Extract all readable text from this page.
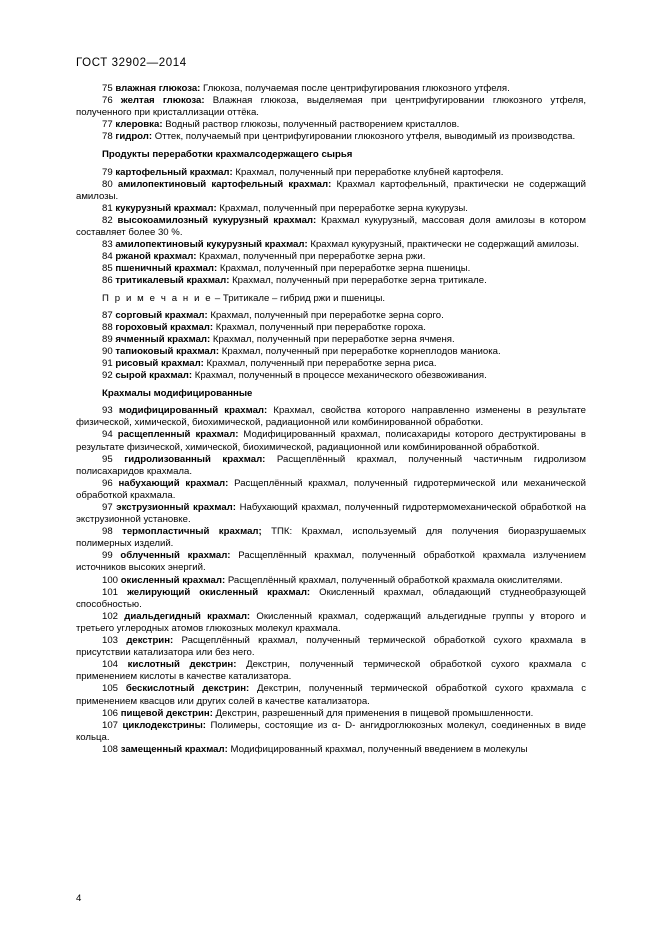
ГОСТ 32902—2014

75 влажная глюкоза: Глюкоза, получаемая после центрифугирования глюкозного утфеля.

76 желтая глюкоза: Влажная глюкоза, выделяемая при центрифугировании глюкозного утфеля, полученного при кристаллизации оттёка.

77 клеровка: Водный раствор глюкозы, полученный растворением кристаллов.

78 гидрол: Оттек, получаемый при центрифугировании глюкозного утфеля, выводимый из производства.

Продукты переработки крахмалсодержащего сырья

79 картофельный крахмал: Крахмал, полученный при переработке клубней картофеля.

80 амилопектиновый картофельный крахмал: Крахмал картофельный, практически не содержащий амилозы.

81 кукурузный крахмал: Крахмал, полученный при переработке зерна кукурузы.

82 высокоамилозный кукурузный крахмал: Крахмал кукурузный, массовая доля амилозы в котором составляет более 30 %.

83 амилопектиновый кукурузный крахмал: Крахмал кукурузный, практически не содержащий амилозы.

84 ржаной крахмал: Крахмал, полученный при переработке зерна ржи.

85 пшеничный крахмал: Крахмал, полученный при переработке зерна пшеницы.

86 тритикалевый крахмал: Крахмал, полученный при переработке зерна тритикале.

П р и м е ч а н и е – Тритикале – гибрид ржи и пшеницы.

87 сорговый крахмал: Крахмал, полученный при переработке зерна сорго.

88 гороховый крахмал: Крахмал, полученный при переработке гороха.

89 ячменный крахмал: Крахмал, полученный при переработке зерна ячменя.

90 тапиоковый крахмал: Крахмал, полученный при переработке корнеплодов маниока.

91 рисовый крахмал: Крахмал, полученный при переработке зерна риса.

92 сырой крахмал: Крахмал, полученный в процессе механического обезвоживания.

Крахмалы модифицированные

93 модифицированный крахмал: Крахмал, свойства которого направленно изменены в результате физической, химической, биохимической, радиационной или комбинированной обработки.

94 расщепленный крахмал: Модифицированный крахмал, полисахариды которого деструктированы в результате физической, химической, биохимической, радиационной или комбинированной обработкой.

95 гидролизованный крахмал: Расщеплённый крахмал, полученный частичным гидролизом полисахаридов крахмала.

96 набухающий крахмал: Расщеплённый крахмал, полученный гидротермической или механической обработкой крахмала.

97 экструзионный крахмал: Набухающий крахмал, полученный гидротермомеханической обработкой на экструзионной установке.

98 термопластичный крахмал; ТПК: Крахмал, используемый для получения биоразрушаемых полимерных изделий.

99 облученный крахмал: Расщеплённый крахмал, полученный обработкой крахмала излучением источников высоких энергий.

100 окисленный крахмал: Расщеплённый крахмал, полученный обработкой крахмала окислителями.

101 желирующий окисленный крахмал: Окисленный крахмал, обладающий студнеобразующей способностью.

102 диальдегидный крахмал: Окисленный крахмал, содержащий альдегидные группы у второго и третьего углеродных атомов глюкозных молекул крахмала.

103 декстрин: Расщеплённый крахмал, полученный термической обработкой сухого крахмала в присутствии катализатора или без него.

104 кислотный декстрин: Декстрин, полученный термической обработкой сухого крахмала с применением кислоты в качестве катализатора.

105 бескислотный декстрин: Декстрин, полученный термической обработкой сухого крахмала с применением квасцов или других солей в качестве катализатора.

106 пищевой декстрин: Декстрин, разрешенный для применения в пищевой промышленности.

107 циклодекстрины: Полимеры, состоящие из α- D- ангидроглюкозных молекул, соединенных в виде кольца.

108 замещенный крахмал: Модифицированный крахмал, полученный введением в молекулы

4
